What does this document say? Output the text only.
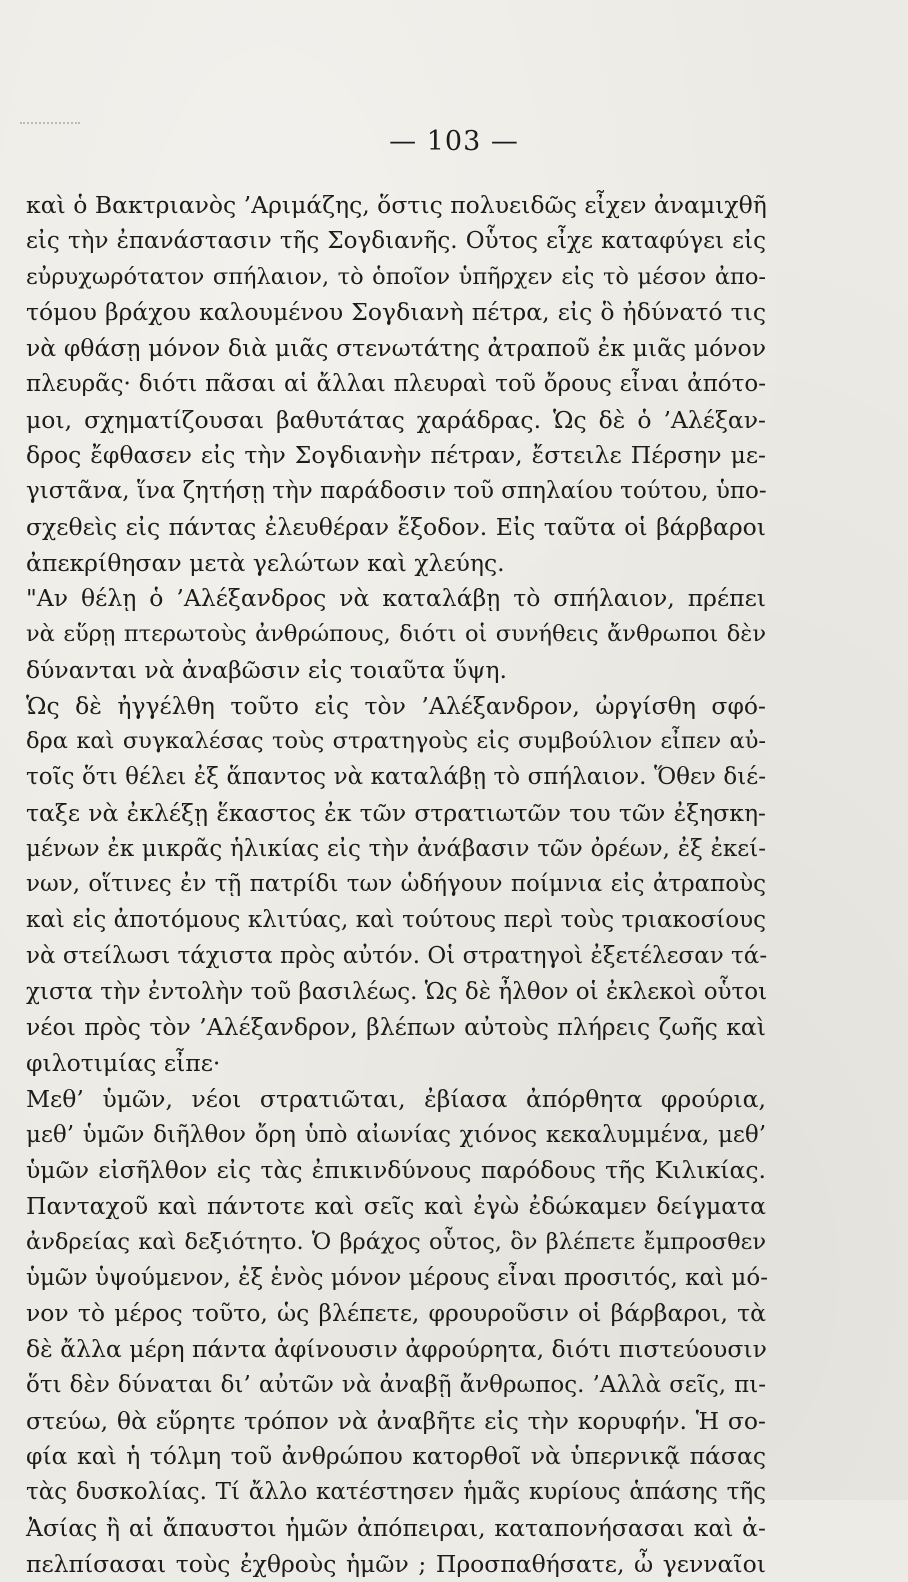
— 103 —
καὶ ὁ Βακτριανὸς ’Αριμάζης, ὅστις πολυειδῶς εἶχεν ἀναμιχθῆ
εἰς τὴν ἐπανάστασιν τῆς Σογδιανῆς. Οὗτος εἶχε καταφύγει εἰς
εὐρυχωρότατον σπήλαιον, τὸ ὁποῖον ὑπῆρχεν εἰς τὸ μέσον ἀπο-
τόμου βράχου καλουμένου Σογδιανὴ πέτρα, εἰς ὃ ἠδύνατό τις
νὰ φθάσῃ μόνον διὰ μιᾶς στενωτάτης ἀτραποῦ ἐκ μιᾶς μόνον
πλευρᾶς· διότι πᾶσαι αἱ ἄλλαι πλευραὶ τοῦ ὄρους εἶναι ἀπότο-
μοι, σχηματίζουσαι βαθυτάτας χαράδρας. Ὡς δὲ ὁ ’Αλέξαν-
δρος ἔφθασεν εἰς τὴν Σογδιανὴν πέτραν, ἔστειλε Πέρσην με-
γιστᾶνα, ἵνα ζητήσῃ τὴν παράδοσιν τοῦ σπηλαίου τούτου, ὑπο-
σχεθεὶς εἰς πάντας ἐλευθέραν ἔξοδον. Εἰς ταῦτα οἱ βάρβαροι
ἀπεκρίθησαν μετὰ γελώτων καὶ χλεύης.
"Αν θέλῃ ὁ ’Αλέξανδρος νὰ καταλάβῃ τὸ σπήλαιον, πρέπει
νὰ εὕρῃ πτερωτοὺς ἀνθρώπους, διότι οἱ συνήθεις ἄνθρωποι δὲν
δύνανται νὰ ἀναβῶσιν εἰς τοιαῦτα ὕψη.
Ὡς δὲ ἠγγέλθη τοῦτο εἰς τὸν ’Αλέξανδρον, ὠργίσθη σφό-
δρα καὶ συγκαλέσας τοὺς στρατηγοὺς εἰς συμβούλιον εἶπεν αὐ-
τοῖς ὅτι θέλει ἐξ ἅπαντος νὰ καταλάβῃ τὸ σπήλαιον. Ὅθεν διέ-
ταξε νὰ ἐκλέξῃ ἕκαστος ἐκ τῶν στρατιωτῶν του τῶν ἐξησκη-
μένων ἐκ μικρᾶς ἡλικίας εἰς τὴν ἀνάβασιν τῶν ὀρέων, ἐξ ἐκεί-
νων, οἵτινες ἐν τῇ πατρίδι των ὡδήγουν ποίμνια εἰς ἀτραποὺς
καὶ εἰς ἀποτόμους κλιτύας, καὶ τούτους περὶ τοὺς τριακοσίους
νὰ στείλωσι τάχιστα πρὸς αὐτόν. Οἱ στρατηγοὶ ἐξετέλεσαν τά-
χιστα τὴν ἐντολὴν τοῦ βασιλέως. Ὡς δὲ ἦλθον οἱ ἐκλεκοὶ οὗτοι
νέοι πρὸς τὸν ’Αλέξανδρον, βλέπων αὐτοὺς πλήρεις ζωῆς καὶ
φιλοτιμίας εἶπε·
Μεθ’ ὑμῶν, νέοι στρατιῶται, ἐβίασα ἀπόρθητα φρούρια,
μεθ’ ὑμῶν διῆλθον ὄρη ὑπὸ αἰωνίας χιόνος κεκαλυμμένα, μεθ’
ὑμῶν εἰσῆλθον εἰς τὰς ἐπικινδύνους παρόδους τῆς Κιλικίας.
Πανταχοῦ καὶ πάντοτε καὶ σεῖς καὶ ἐγὼ ἐδώκαμεν δείγματα
ἀνδρείας καὶ δεξιότητο. Ὁ βράχος οὗτος, ὃν βλέπετε ἔμπροσθεν
ὑμῶν ὑψούμενον, ἐξ ἑνὸς μόνον μέρους εἶναι προσιτός, καὶ μό-
νον τὸ μέρος τοῦτο, ὡς βλέπετε, φρουροῦσιν οἱ βάρβαροι, τὰ
δὲ ἄλλα μέρη πάντα ἀφίνουσιν ἀφρούρητα, διότι πιστεύουσιν
ὅτι δὲν δύναται δι’ αὐτῶν νὰ ἀναβῇ ἄνθρωπος. ’Αλλὰ σεῖς, πι-
στεύω, θὰ εὕρητε τρόπον νὰ ἀναβῆτε εἰς τὴν κορυφήν. Ἡ σο-
φία καὶ ἡ τόλμη τοῦ ἀνθρώπου κατορθοῖ νὰ ὑπερνικᾷ πάσας
τὰς δυσκολίας. Τί ἄλλο κατέστησεν ἡμᾶς κυρίους ἁπάσης τῆς
Ἀσίας ἢ αἱ ἄπαυστοι ἡμῶν ἀπόπειραι, καταπονήσασαι καὶ ἀ-
πελπίσασαι τοὺς ἐχθροὺς ἡμῶν ; Προσπαθήσατε, ὦ γενναῖοι
